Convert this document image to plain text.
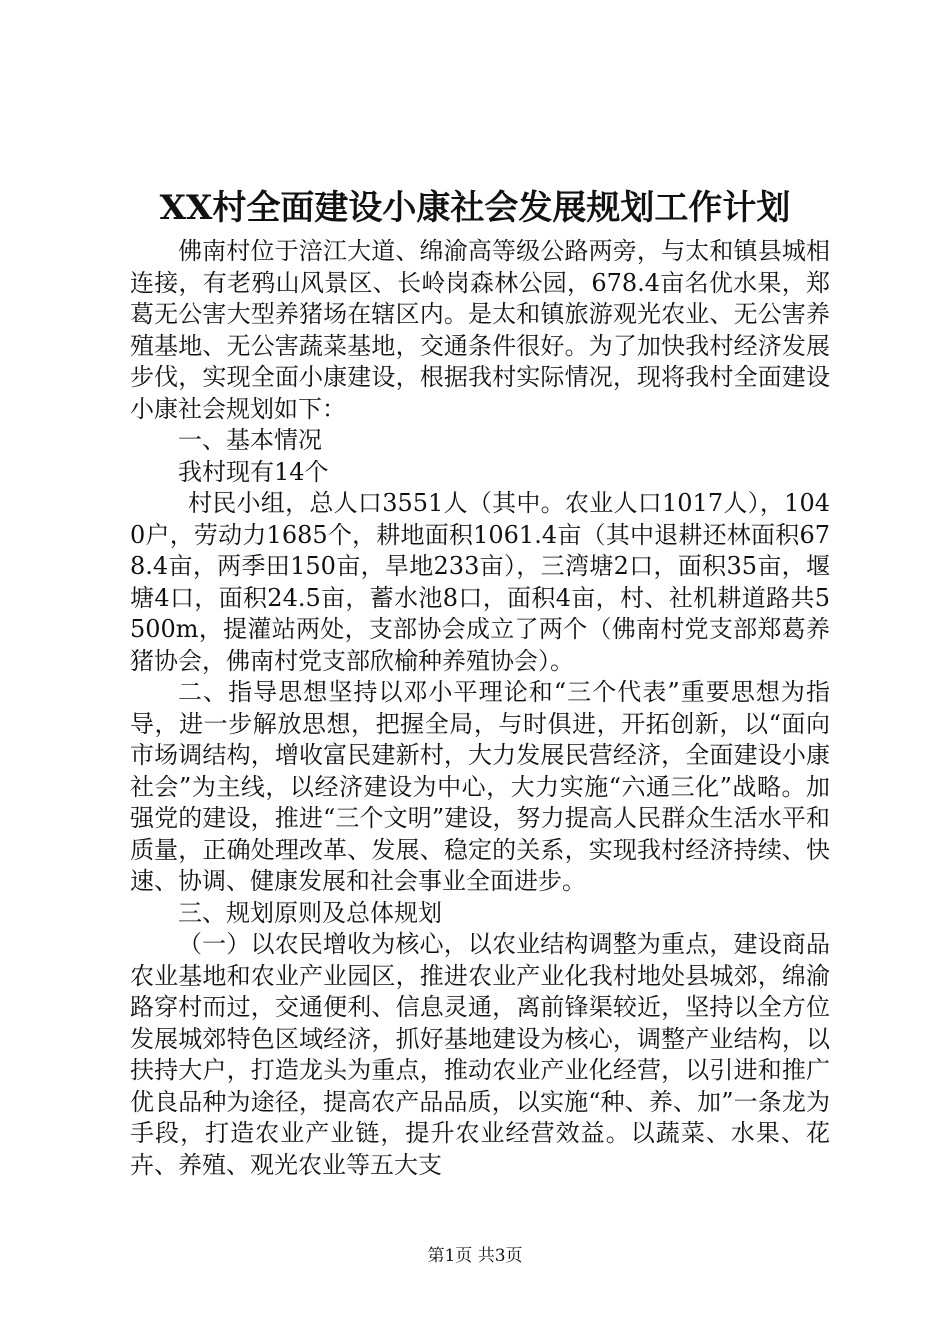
XX村全面建设小康社会发展规划工作计划

佛南村位于涪江大道、绵渝高等级公路两旁，与太和镇县城相连接，有老鸦山风景区、长岭岗森林公园，678.4亩名优水果，郑葛无公害大型养猪场在辖区内。是太和镇旅游观光农业、无公害养殖基地、无公害蔬菜基地，交通条件很好。为了加快我村经济发展步伐，实现全面小康建设，根据我村实际情况，现将我村全面建设小康社会规划如下：

一、基本情况

我村现有14个

村民小组，总人口3551人（其中。农业人口1017人），1040户，劳动力1685个，耕地面积1061.4亩（其中退耕还林面积678.4亩，两季田150亩，旱地233亩），三湾塘2口，面积35亩，堰塘4口，面积24.5亩，蓄水池8口，面积4亩，村、社机耕道路共5500m，提灌站两处，支部协会成立了两个（佛南村党支部郑葛养猪协会，佛南村党支部欣榆种养殖协会）。

二、指导思想坚持以邓小平理论和“三个代表”重要思想为指导，进一步解放思想，把握全局，与时俱进，开拓创新，以“面向市场调结构，增收富民建新村，大力发展民营经济，全面建设小康社会”为主线，以经济建设为中心，大力实施“六通三化”战略。加强党的建设，推进“三个文明”建设，努力提高人民群众生活水平和质量，正确处理改革、发展、稳定的关系，实现我村经济持续、快速、协调、健康发展和社会事业全面进步。

三、规划原则及总体规划

（一）以农民增收为核心，以农业结构调整为重点，建设商品农业基地和农业产业园区，推进农业产业化我村地处县城郊，绵渝路穿村而过，交通便利、信息灵通，离前锋渠较近，坚持以全方位发展城郊特色区域经济，抓好基地建设为核心，调整产业结构，以扶持大户，打造龙头为重点，推动农业产业化经营，以引进和推广优良品种为途径，提高农产品品质，以实施“种、养、加”一条龙为手段，打造农业产业链，提升农业经营效益。以蔬菜、水果、花卉、养殖、观光农业等五大支

第1页 共3页
